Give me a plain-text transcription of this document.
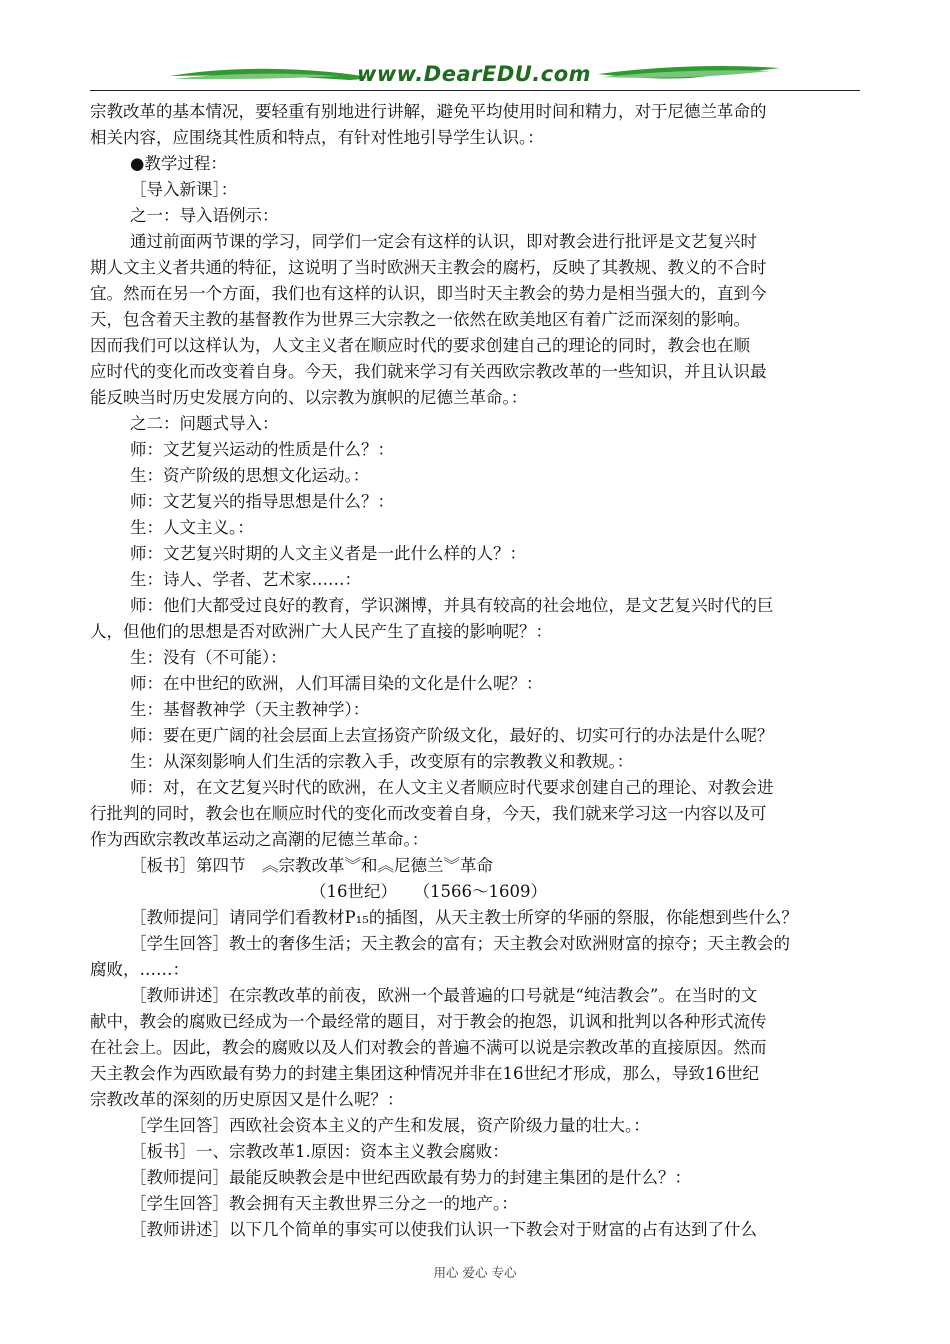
www.DearEDU.com

宗教改革的基本情况，要轻重有别地进行讲解，避免平均使用时间和精力，对于尼德兰革命的

相关内容，应围绕其性质和特点，有针对性地引导学生认识。：

●教学过程：

［导入新课］：

之一：导入语例示：

通过前面两节课的学习，同学们一定会有这样的认识，即对教会进行批评是文艺复兴时

期人文主义者共通的特征，这说明了当时欧洲天主教会的腐朽，反映了其教规、教义的不合时

宜。然而在另一个方面，我们也有这样的认识，即当时天主教会的势力是相当强大的，直到今

天，包含着天主教的基督教作为世界三大宗教之一依然在欧美地区有着广泛而深刻的影响。

因而我们可以这样认为，人文主义者在顺应时代的要求创建自己的理论的同时，教会也在顺

应时代的变化而改变着自身。今天，我们就来学习有关西欧宗教改革的一些知识，并且认识最

能反映当时历史发展方向的、以宗教为旗帜的尼德兰革命。：

之二：问题式导入：

师：文艺复兴运动的性质是什么？：

生：资产阶级的思想文化运动。：

师：文艺复兴的指导思想是什么？：

生：人文主义。：

师：文艺复兴时期的人文主义者是一此什么样的人？：

生：诗人、学者、艺术家……：

师：他们大都受过良好的教育，学识渊博，并具有较高的社会地位，是文艺复兴时代的巨

人，但他们的思想是否对欧洲广大人民产生了直接的影响呢？：

生：没有（不可能）：

师：在中世纪的欧洲，人们耳濡目染的文化是什么呢？：

生：基督教神学（天主教神学）：

师：要在更广阔的社会层面上去宣扬资产阶级文化，最好的、切实可行的办法是什么呢？

生：从深刻影响人们生活的宗教入手，改变原有的宗教教义和教规。：

师：对，在文艺复兴时代的欧洲，在人文主义者顺应时代要求创建自己的理论、对教会进

行批判的同时，教会也在顺应时代的变化而改变着自身，今天，我们就来学习这一内容以及可

作为西欧宗教改革运动之高潮的尼德兰革命。：

［板书］第四节　︽宗教改革︾和︽尼德兰︾革命

（16世纪）　　（1566～1609）

［教师提问］请同学们看教材P₁₅的插图，从天主教士所穿的华丽的祭服，你能想到些什么？

［学生回答］教士的奢侈生活；天主教会的富有；天主教会对欧洲财富的掠夺；天主教会的

腐败，……：

［教师讲述］在宗教改革的前夜，欧洲一个最普遍的口号就是“纯洁教会”。在当时的文

献中，教会的腐败已经成为一个最经常的题目，对于教会的抱怨，讥讽和批判以各种形式流传

在社会上。因此，教会的腐败以及人们对教会的普遍不满可以说是宗教改革的直接原因。然而

天主教会作为西欧最有势力的封建主集团这种情况并非在16世纪才形成，那么，导致16世纪

宗教改革的深刻的历史原因又是什么呢？：

［学生回答］西欧社会资本主义的产生和发展，资产阶级力量的壮大。：

［板书］一、宗教改革1.原因：资本主义教会腐败：

［教师提问］最能反映教会是中世纪西欧最有势力的封建主集团的是什么？：

［学生回答］教会拥有天主教世界三分之一的地产。：

［教师讲述］以下几个简单的事实可以使我们认识一下教会对于财富的占有达到了什么

用心 爱心 专心
